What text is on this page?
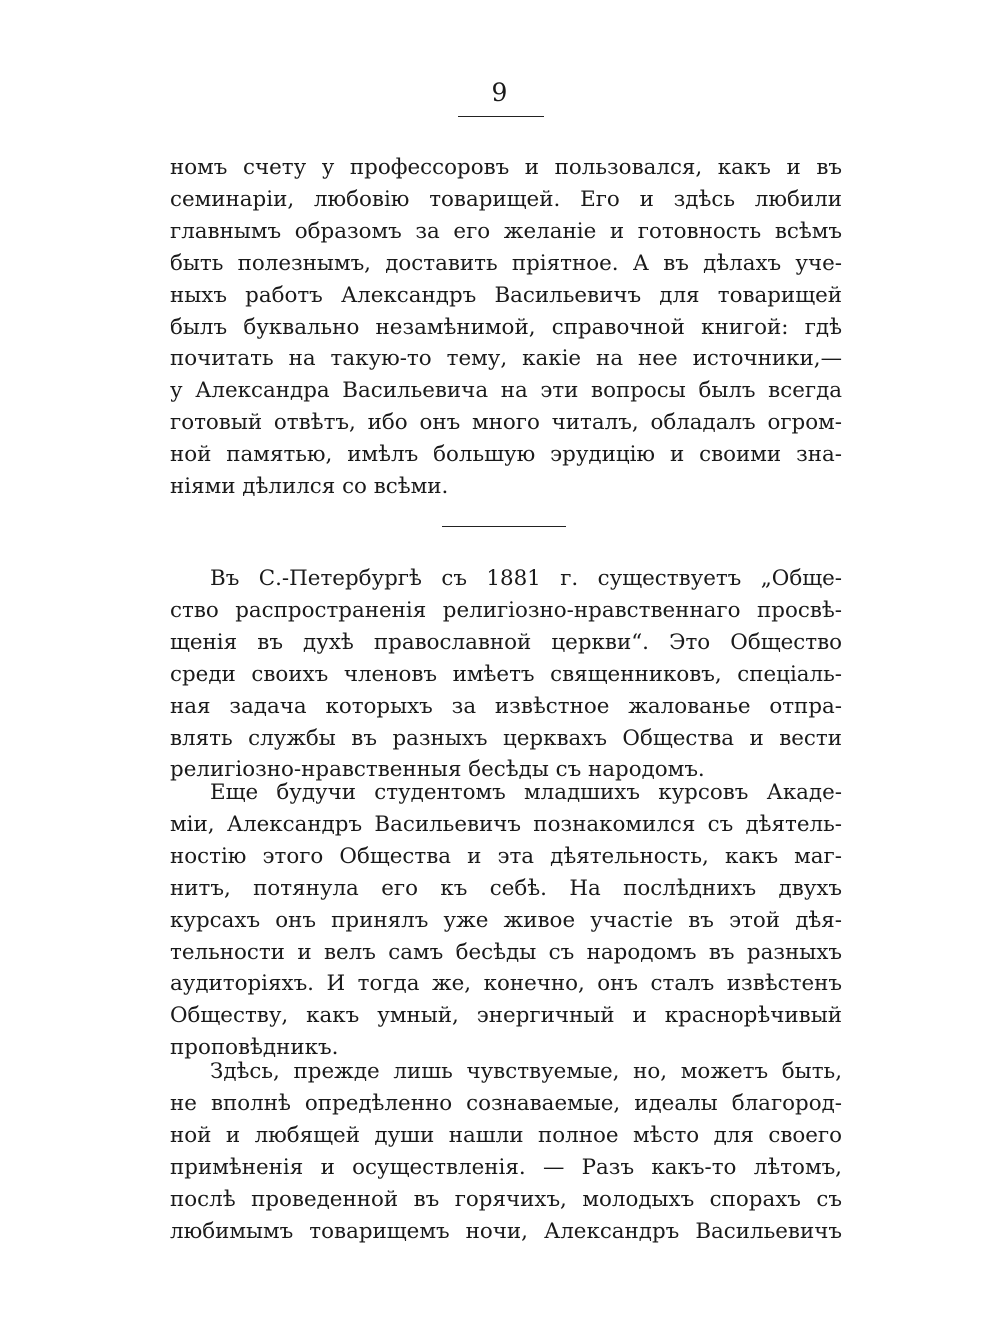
9
номъ счету у профессоровъ и пользовался, какъ и въ
семинаріи, любовію товарищей. Его и здѣсь любили
главнымъ образомъ за его желаніе и готовность всѣмъ
быть полезнымъ, доставить пріятное. А въ дѣлахъ уче-
ныхъ работъ Александръ Васильевичъ для товарищей
былъ буквально незамѣнимой, справочной книгой: гдѣ
почитать на такую-то тему, какіе на нее источники,—
у Александра Васильевича на эти вопросы былъ всегда
готовый отвѣтъ, ибо онъ много читалъ, обладалъ огром-
ной памятью, имѣлъ большую эрудицію и своими зна-
ніями дѣлился со всѣми.
Въ С.-Петербургѣ съ 1881 г. существуетъ „Обще-
ство распространенія религіозно-нравственнаго просвѣ-
щенія въ духѣ православной церкви“. Это Общество
среди своихъ членовъ имѣетъ священниковъ, спеціаль-
ная задача которыхъ за извѣстное жалованье отпра-
влять службы въ разныхъ церквахъ Общества и вести
религіозно-нравственныя бесѣды съ народомъ.
Еще будучи студентомъ младшихъ курсовъ Акаде-
міи, Александръ Васильевичъ познакомился съ дѣятель-
ностію этого Общества и эта дѣятельность, какъ маг-
нитъ, потянула его къ себѣ. На послѣднихъ двухъ
курсахъ онъ принялъ уже живое участіе въ этой дѣя-
тельности и велъ самъ бесѣды съ народомъ въ разныхъ
аудиторіяхъ. И тогда же, конечно, онъ сталъ извѣстенъ
Обществу, какъ умный, энергичный и краснорѣчивый
проповѣдникъ.
Здѣсь, прежде лишь чувствуемые, но, можетъ быть,
не вполнѣ опредѣленно сознаваемые, идеалы благород-
ной и любящей души нашли полное мѣсто для своего
примѣненія и осуществленія. — Разъ какъ-то лѣтомъ,
послѣ проведенной въ горячихъ, молодыхъ спорахъ съ
любимымъ товарищемъ ночи, Александръ Васильевичъ
